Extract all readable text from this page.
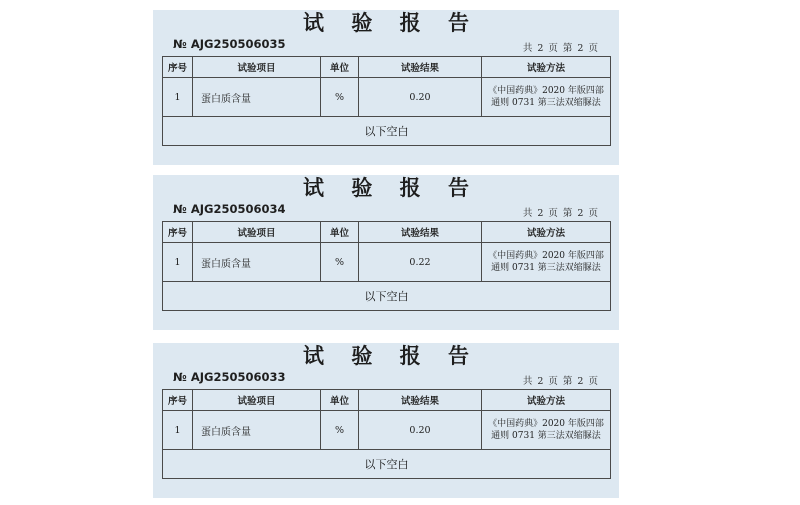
试 验 报 告
№ AJG250506035	共 2 页 第 2 页
序号	试验项目	单位	试验结果	试验方法
1	蛋白质含量	%	0.20	《中国药典》2020 年版四部通则 0731 第三法双缩脲法
以下空白				
试 验 报 告
№ AJG250506034	共 2 页 第 2 页
序号	试验项目	单位	试验结果	试验方法
1	蛋白质含量	%	0.22	《中国药典》2020 年版四部通则 0731 第三法双缩脲法
以下空白				
试 验 报 告
№ AJG250506033	共 2 页 第 2 页
序号	试验项目	单位	试验结果	试验方法
1	蛋白质含量	%	0.20	《中国药典》2020 年版四部通则 0731 第三法双缩脲法
以下空白				
